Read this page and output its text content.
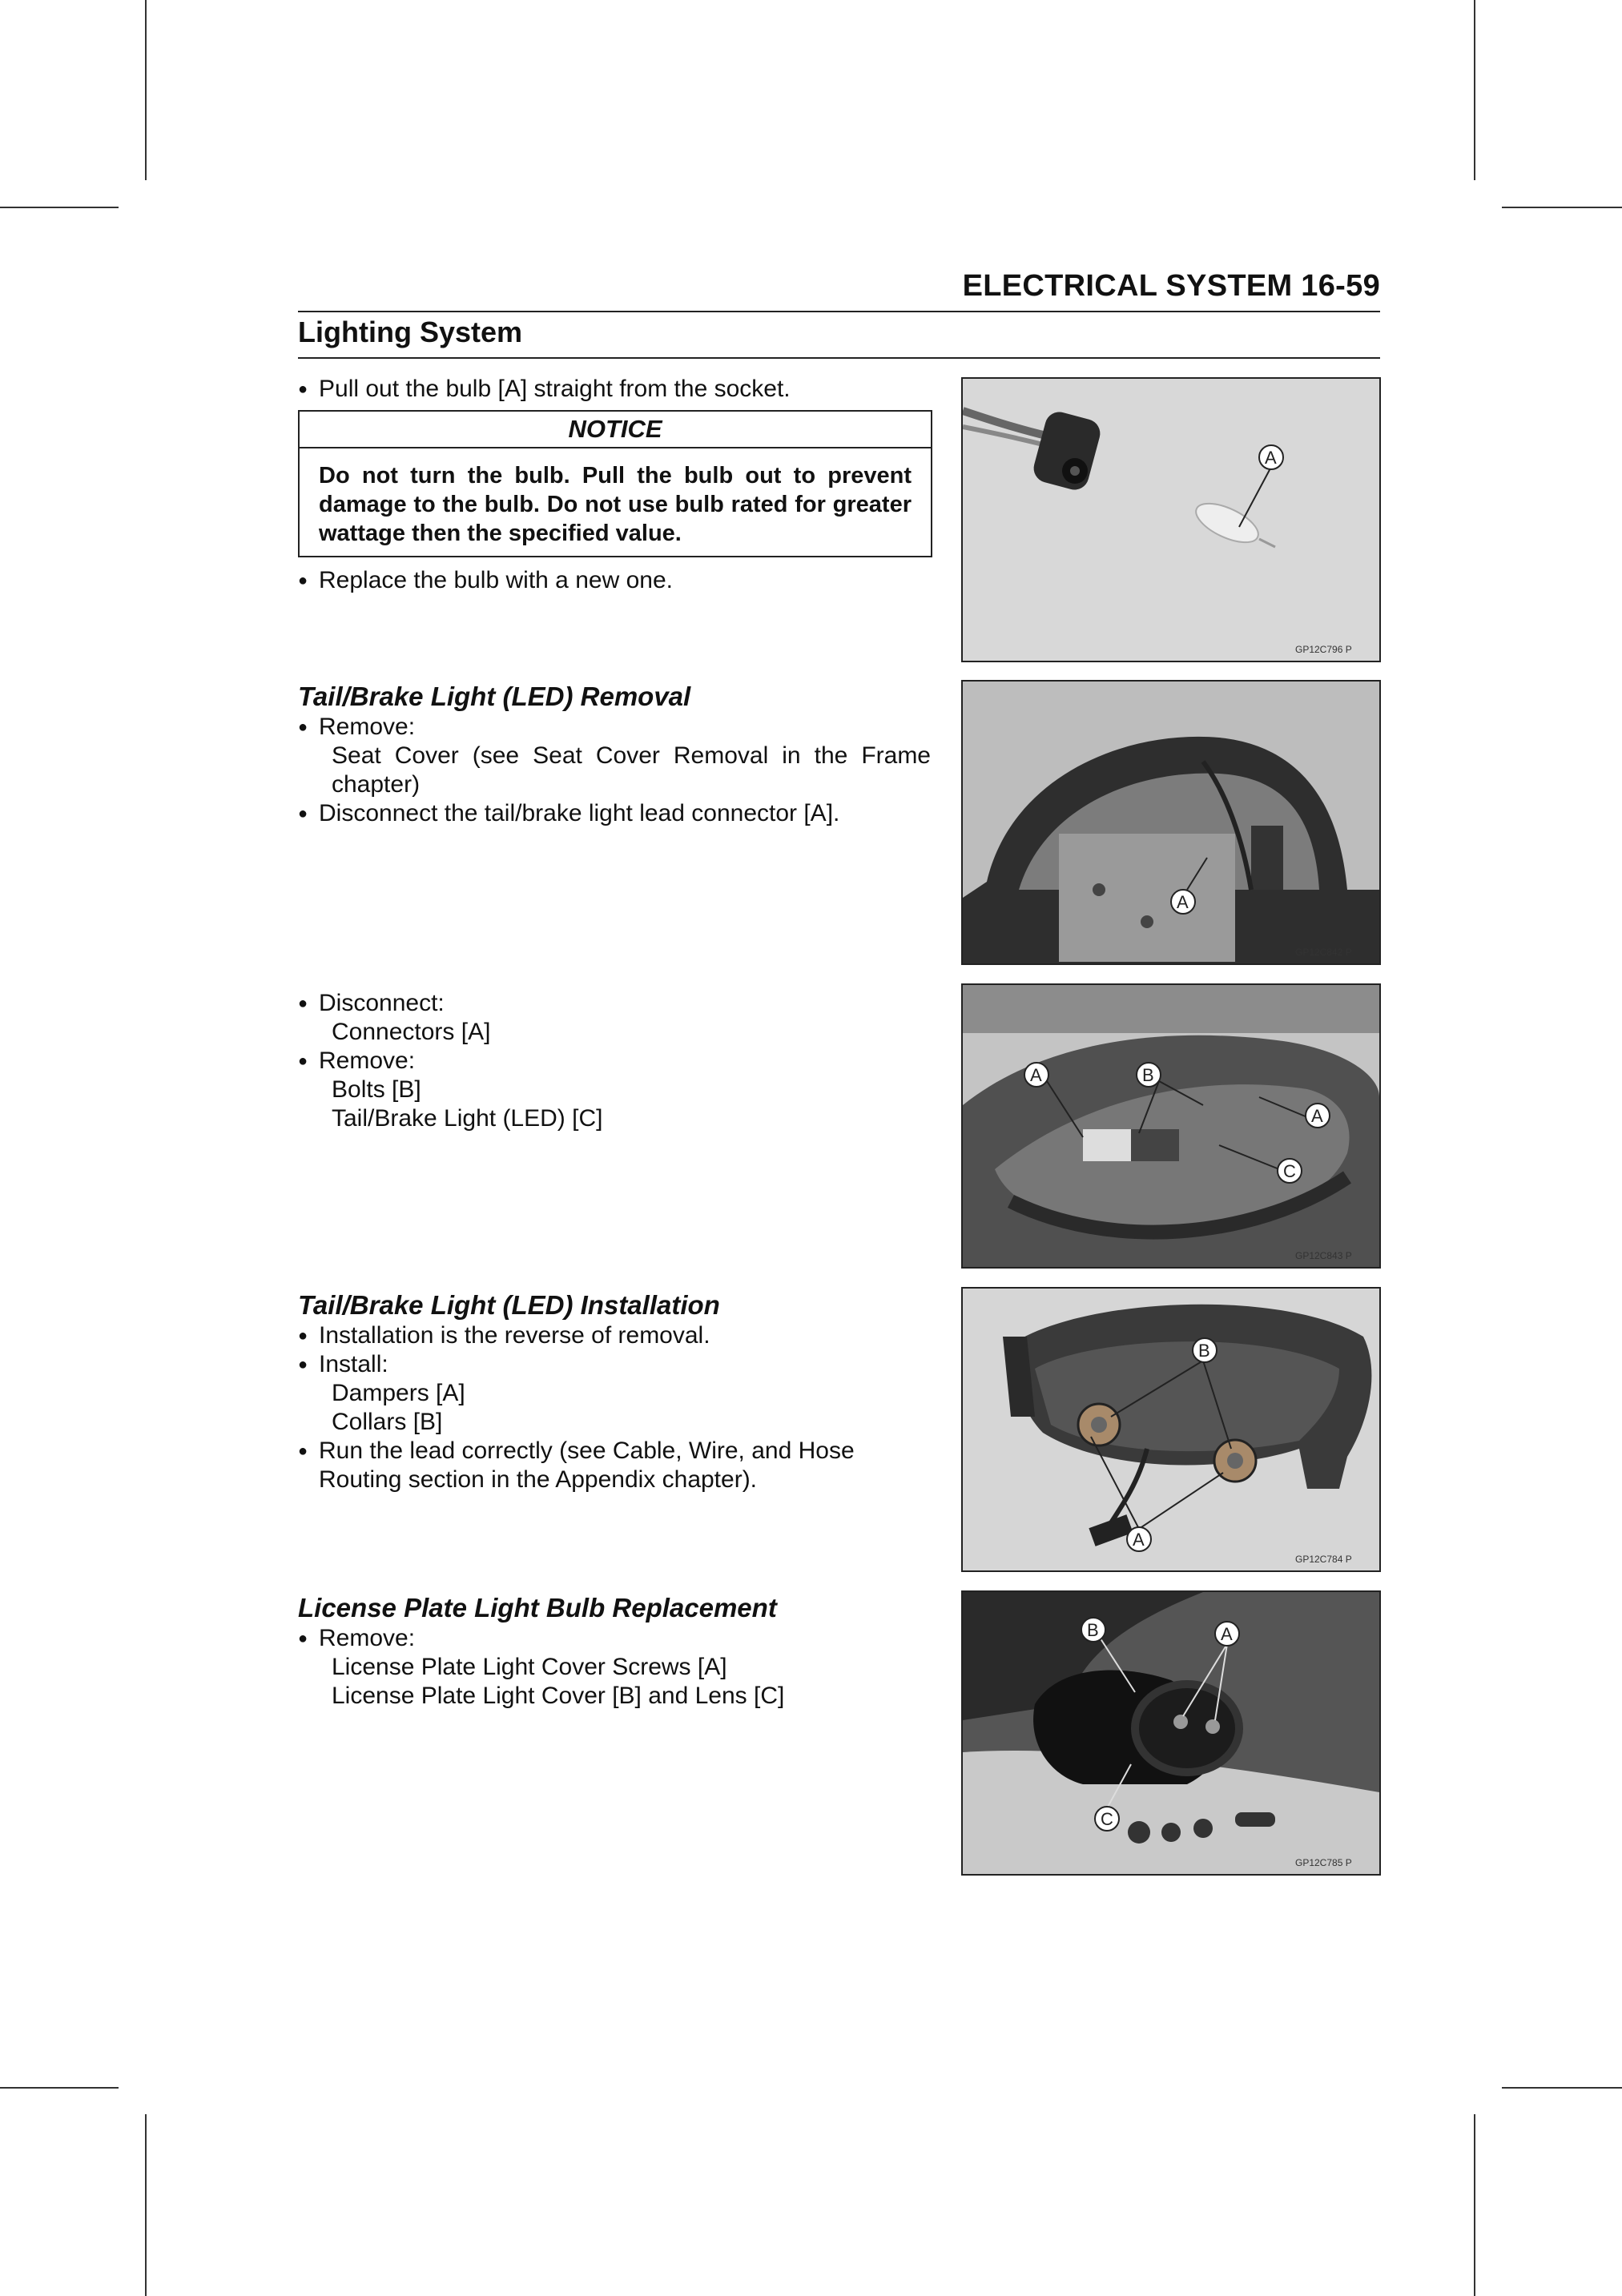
ELECTRICAL SYSTEM 16-59
Lighting System
● Pull out the bulb [A] straight from the socket.
NOTICE
Do not turn the bulb. Pull the bulb out to prevent damage to the bulb. Do not use bulb rated for greater wattage then the specified value.
● Replace the bulb with a new one.
Tail/Brake Light (LED) Removal
● Remove:
Seat Cover (see Seat Cover Removal in the Frame chapter)
● Disconnect the tail/brake light lead connector [A].
● Disconnect:
Connectors [A]
● Remove:
Bolts [B]
Tail/Brake Light (LED) [C]
Tail/Brake Light (LED) Installation
● Installation is the reverse of removal.
● Install:
Dampers [A]
Collars [B]
● Run the lead correctly (see Cable, Wire, and Hose Routing section in the Appendix chapter).
License Plate Light Bulb Replacement
● Remove:
License Plate Light Cover Screws [A]
License Plate Light Cover [B] and Lens [C]
A
GP12C796 P
A
GP12C842 P
A	B
A
C
GP12C843 P
B
A
GP12C784 P
B	A
C
GP12C785 P
